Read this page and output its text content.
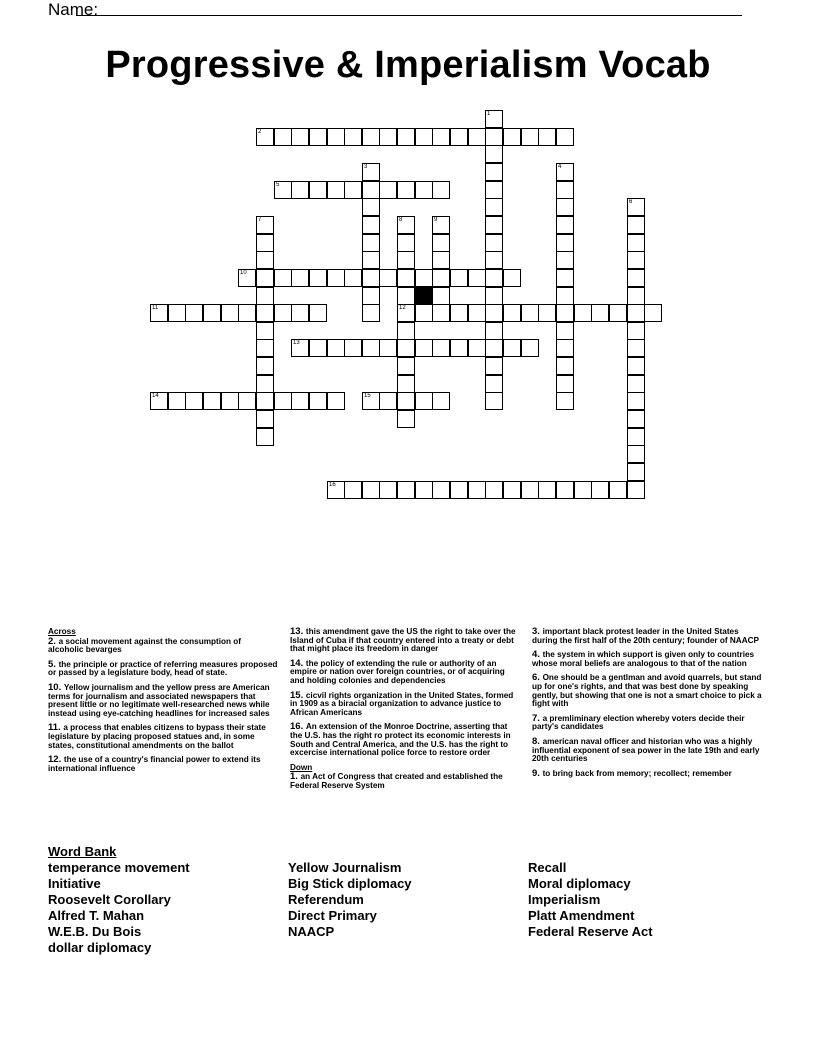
Name:
Progressive & Imperialism Vocab
1
2
3	4
5
6
7	8
12
9
10
11
13
14	15
16
Across
2. a social movement against the consumption of alcoholic bevarges
5. the principle or practice of referring measures proposed or passed by a legislature body, head of state.
10. Yellow journalism and the yellow press are American terms for journalism and associated newspapers that present little or no legitimate well-researched news while instead using eye-catching headlines for increased sales
11. a process that enables citizens to bypass their state legislature by placing proposed statues and, in some states, constitutional amendments on the ballot
12. the use of a country's financial power to extend its international influence
13. this amendment gave the US the right to take over the Island of Cuba if that country entered into a treaty or debt that might place its freedom in danger
14. the policy of extending the rule or authority of an empire or nation over foreign countries, or of acquiring and holding colonies and dependencies
15. cicvil rights organization in the United States, formed in 1909 as a biracial organization to advance justice to African Americans
16. An extension of the Monroe Doctrine, asserting that the U.S. has the right ro protect its economic interests in South and Central America, and the U.S. has the right to excercise international police force to restore order
Down
1. an Act of Congress that created and established the Federal Reserve System
3. important black protest leader in the United States during the first half of the 20th century; founder of NAACP
4. the system in which support is given only to countries whose moral beliefs are analogous to that of the nation
6. One should be a gentlman and avoid quarrels, but stand up for one's rights, and that was best done by speaking gently, but showing that one is not a smart choice to pick a fight with
7. a premliminary election whereby voters decide their party's candidates
8. american naval officer and historian who was a highly influential exponent of sea power in the late 19th and early 20th centuries
9. to bring back from memory; recollect; remember
Word Bank
temperance movement
Initiative
Roosevelt Corollary
Alfred T. Mahan
W.E.B. Du Bois
dollar diplomacy
Yellow Journalism
Big Stick diplomacy
Referendum
Direct Primary
NAACP
Recall
Moral diplomacy
Imperialism
Platt Amendment
Federal Reserve Act
